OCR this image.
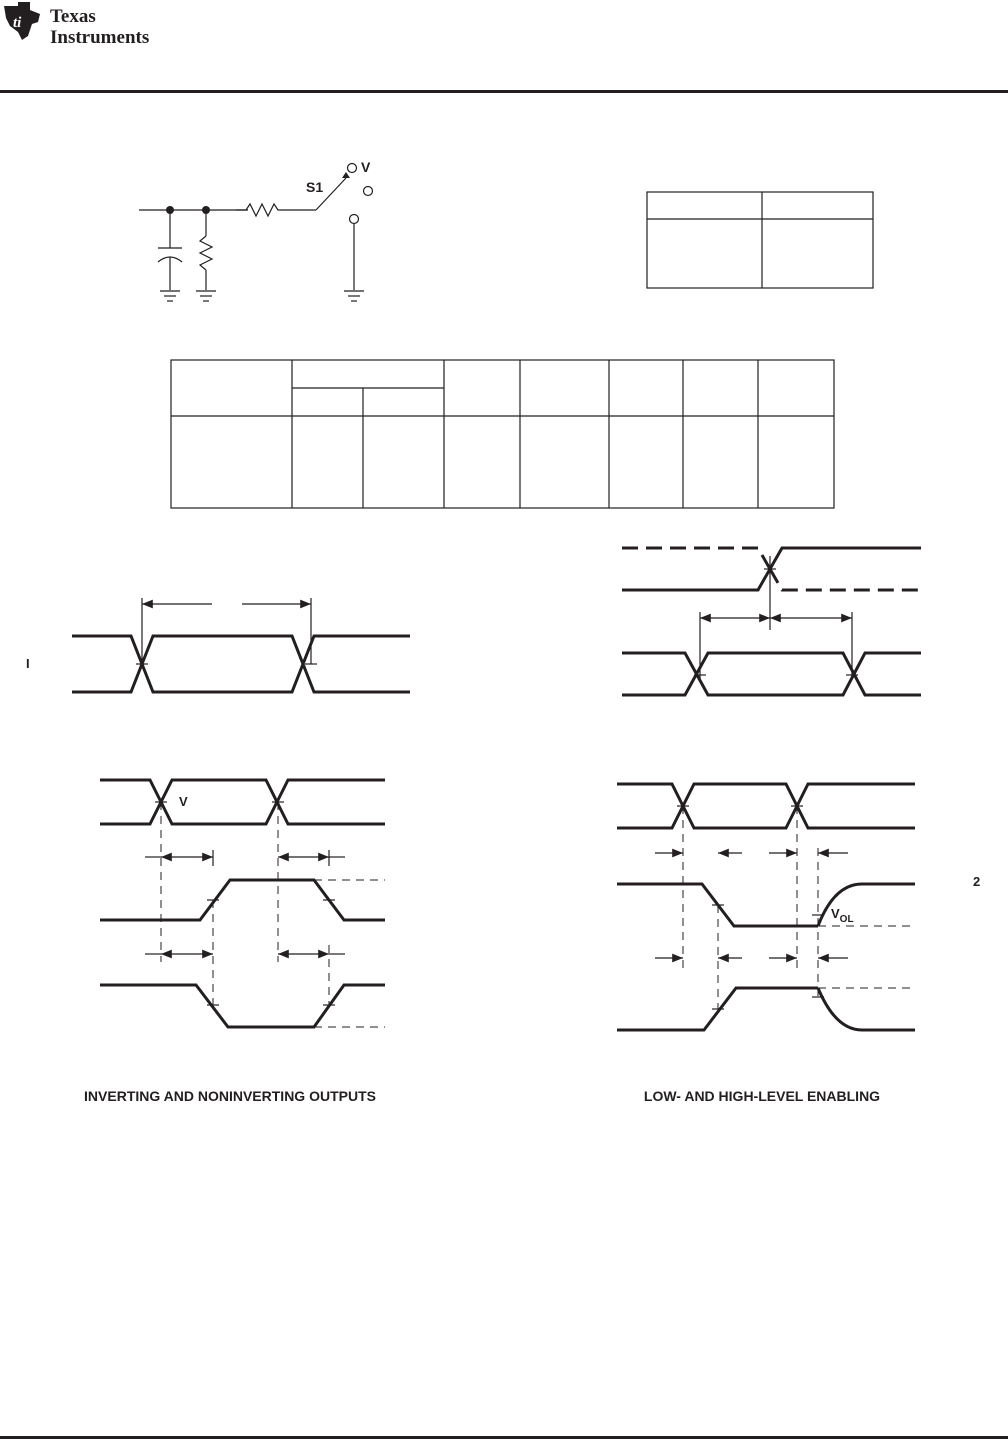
ti Texas
Instruments
S1
V
I
V
$V_{OL}$
2
INVERTING AND NONINVERTING OUTPUTS	LOW- AND HIGH-LEVEL ENABLING
